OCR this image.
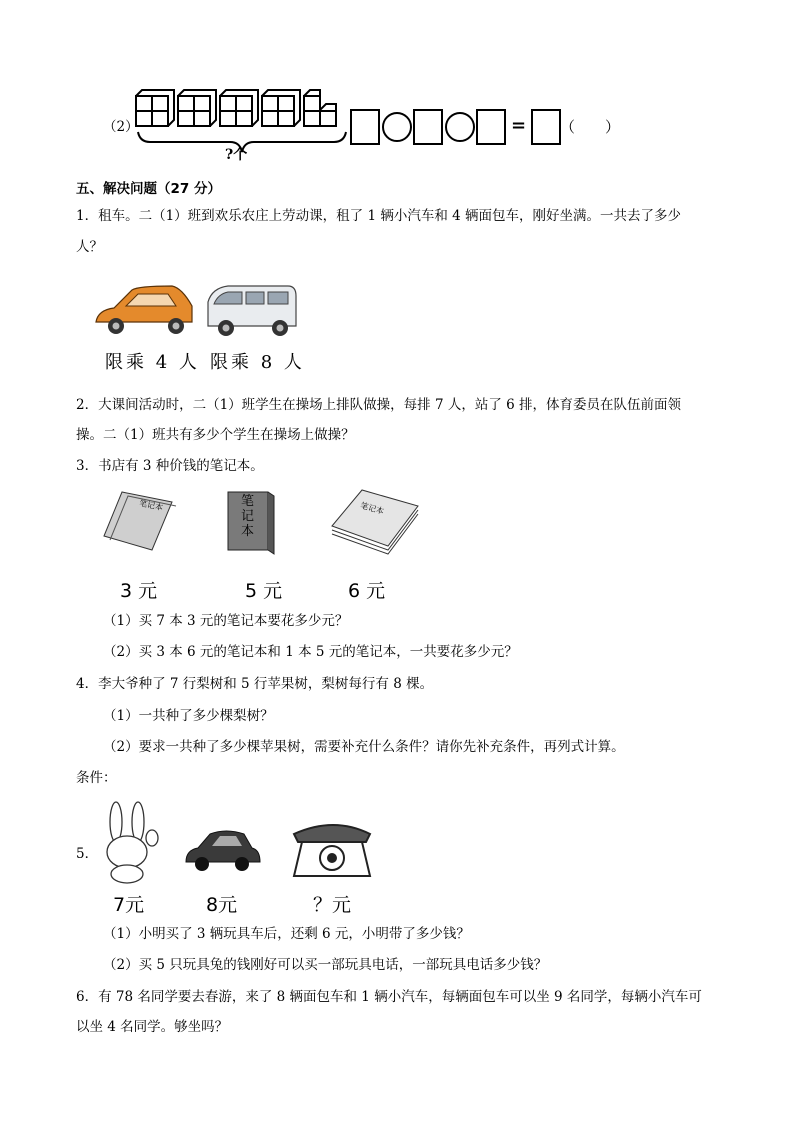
（2）
?个
= （　　）
五、解决问题（27 分）
1．租车。二（1）班到欢乐农庄上劳动课，租了 1 辆小汽车和 4 辆面包车，刚好坐满。一共去了多少
人？
限乘 4 人 限乘 8 人
2．大课间活动时，二（1）班学生在操场上排队做操，每排 7 人，站了 6 排，体育委员在队伍前面领
操。二（1）班共有多少个学生在操场上做操？
3．书店有 3 种价钱的笔记本。
笔记本	笔记本
笔记本
3 元	5 元	6 元
（1）买 7 本 3 元的笔记本要花多少元？
（2）买 3 本 6 元的笔记本和 1 本 5 元的笔记本，一共要花多少元？
4．李大爷种了 7 行梨树和 5 行苹果树，梨树每行有 8 棵。
（1）一共种了多少棵梨树？
（2）要求一共种了多少棵苹果树，需要补充什么条件？请你先补充条件，再列式计算。
条件：
5．
7元	8元	？元
（1）小明买了 3 辆玩具车后，还剩 6 元，小明带了多少钱？
（2）买 5 只玩具兔的钱刚好可以买一部玩具电话，一部玩具电话多少钱？
6．有 78 名同学要去春游，来了 8 辆面包车和 1 辆小汽车，每辆面包车可以坐 9 名同学，每辆小汽车可
以坐 4 名同学。够坐吗？
